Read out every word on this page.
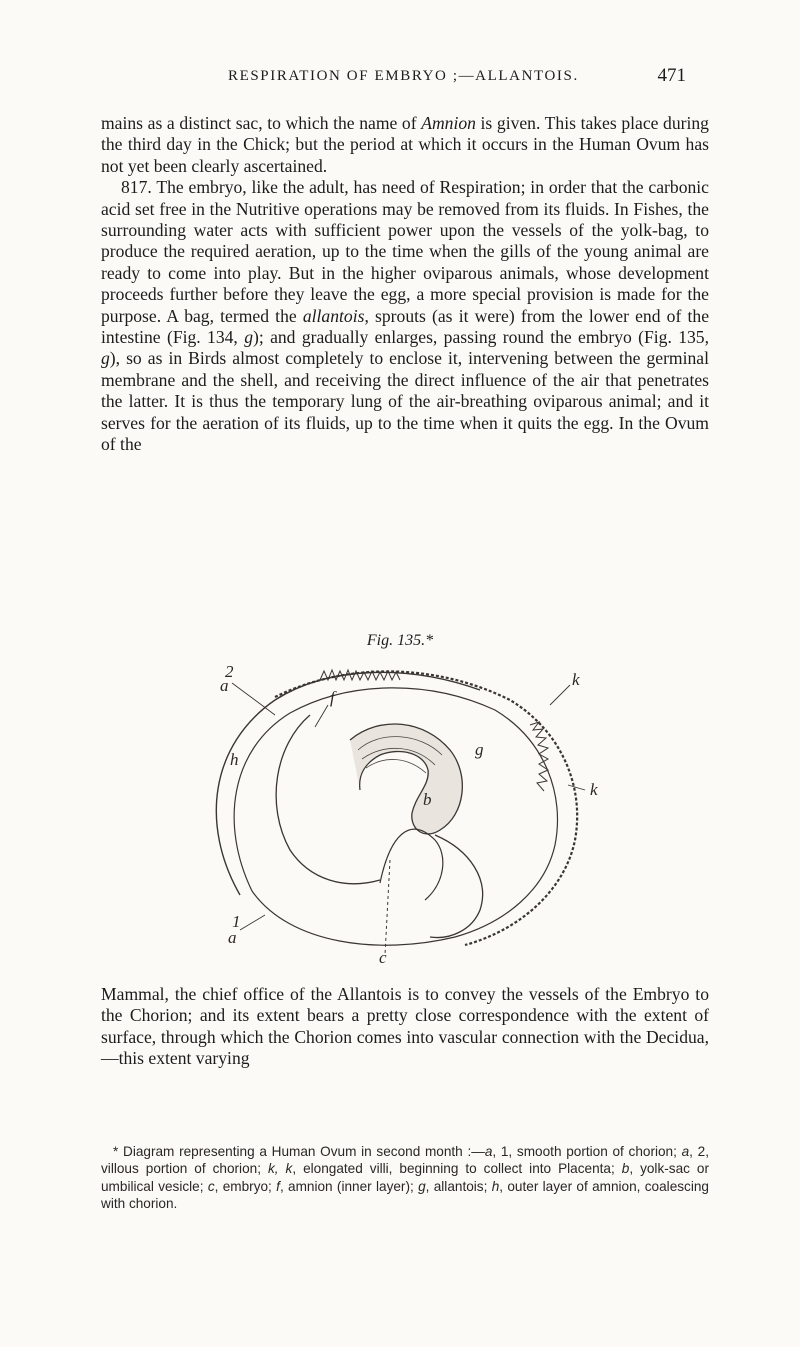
RESPIRATION OF EMBRYO ;—ALLANTOIS.	471

mains as a distinct sac, to which the name of Amnion is given. This takes place during the third day in the Chick; but the period at which it occurs in the Human Ovum has not yet been clearly ascertained.

817. The embryo, like the adult, has need of Respiration; in order that the carbonic acid set free in the Nutritive operations may be removed from its fluids. In Fishes, the surrounding water acts with sufficient power upon the vessels of the yolk-bag, to produce the required aeration, up to the time when the gills of the young animal are ready to come into play. But in the higher oviparous animals, whose development proceeds further before they leave the egg, a more special provision is made for the purpose. A bag, termed the allantois, sprouts (as it were) from the lower end of the intestine (Fig. 134, g); and gradually enlarges, passing round the embryo (Fig. 135, g), so as in Birds almost completely to enclose it, intervening between the germinal membrane and the shell, and receiving the direct influence of the air that penetrates the latter. It is thus the temporary lung of the air-breathing oviparous animal; and it serves for the aeration of its fluids, up to the time when it quits the egg. In the Ovum of the

Fig. 135.*
2
a	k
f
h
g
b
k
1
a
c
Mammal, the chief office of the Allantois is to convey the vessels of the Embryo to the Chorion; and its extent bears a pretty close correspondence with the extent of surface, through which the Chorion comes into vascular connection with the Decidua,—this extent varying
* Diagram representing a Human Ovum in second month :—a, 1, smooth portion of chorion; a, 2, villous portion of chorion; k, k, elongated villi, beginning to collect into Placenta; b, yolk-sac or umbilical vesicle; c, embryo; f, amnion (inner layer); g, allantois; h, outer layer of amnion, coalescing with chorion.
